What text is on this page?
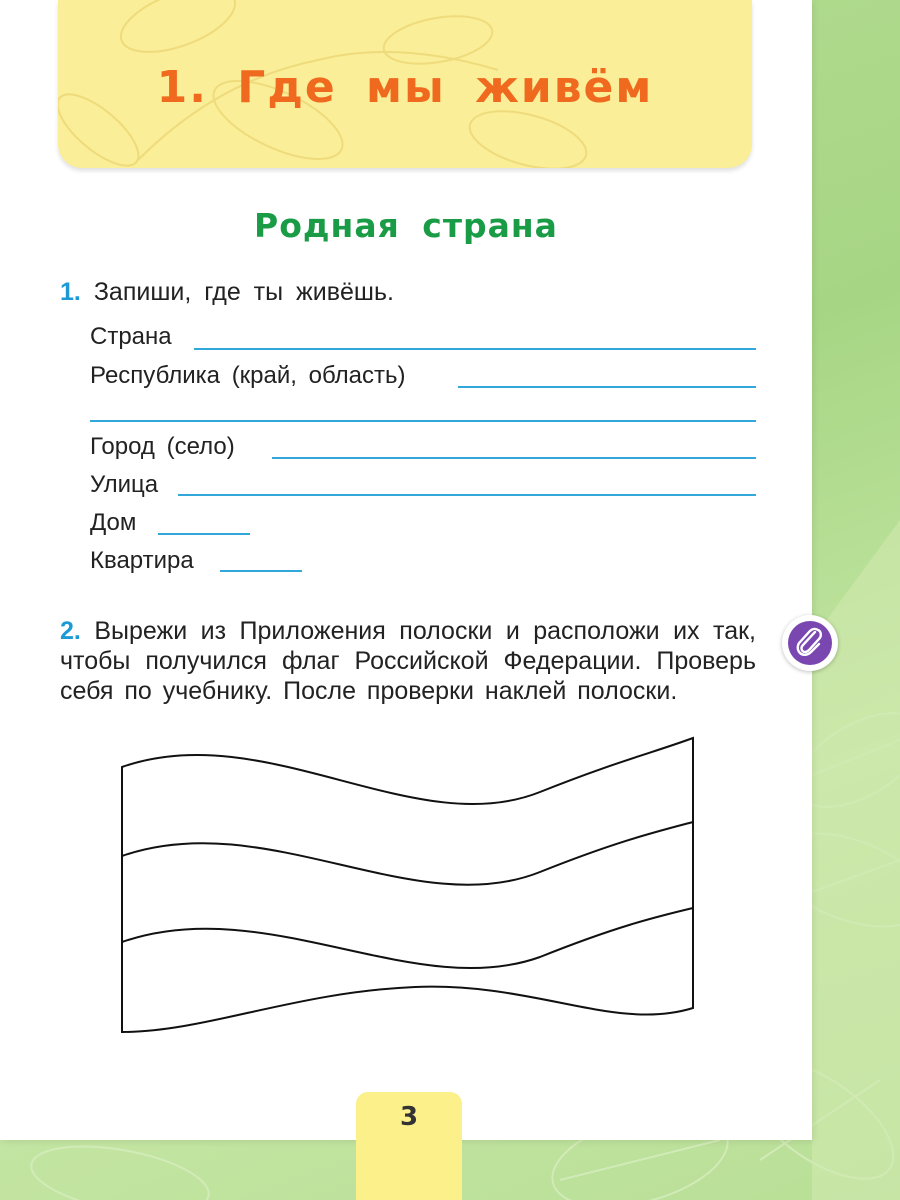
1. Где мы живём
Родная страна
1. Запиши, где ты живёшь.
Страна
Республика (край, область)
Город (село)
Улица
Дом
Квартира

2. Вырежи из Приложения полоски и расположи их так, чтобы получился флаг Российской Федерации. Проверь себя по учебнику. После проверки наклей полоски.

3
